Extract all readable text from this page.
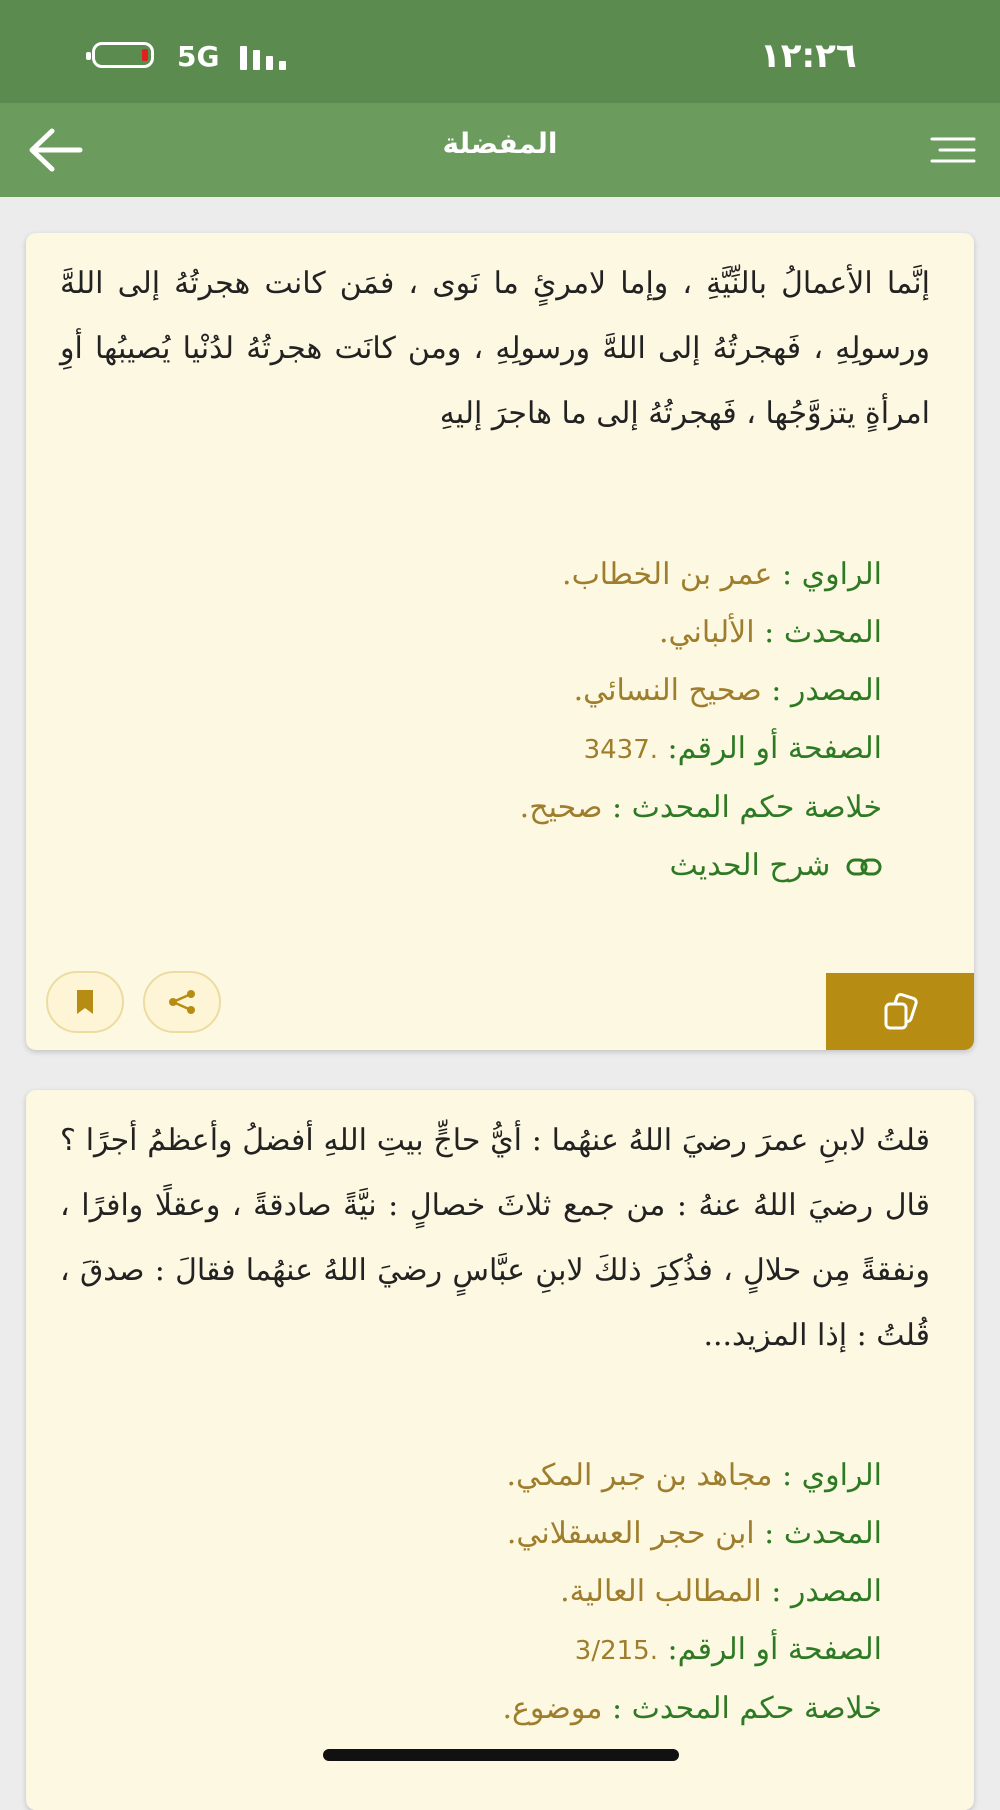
5G	١٢:٢٦
المفضلة
إنَّما الأعمالُ بالنِّيَّةِ ، وإما لامرئٍ ما نَوى ، فمَن كانت هجرتُهُ إلى اللهَّ ورسولِهِ ، فَهجرتُهُ إلى اللهَّ ورسولِهِ ، ومن كانَت هجرتُهُ لدُنْيا يُصيبُها أوِ امرأةٍ يتزوَّجُها ، فَهجرتُهُ إلى ما هاجرَ إليهِ
الراوي : عمر بن الخطاب.
المحدث : الألباني.
المصدر : صحيح النسائي.
الصفحة أو الرقم: 3437.
خلاصة حكم المحدث : صحيح.
شرح الحديث
قلتُ لابنِ عمرَ رضيَ اللهُ عنهُما : أيُّ حاجٍّ بيتِ اللهِ أفضلُ وأعظمُ أجرًا ؟ قال رضيَ اللهُ عنهُ : من جمع ثلاثَ خصالٍ : نيَّةً صادقةً ، وعقلًا وافرًا ، ونفقةً مِن حلالٍ ، فذُكِرَ ذلكَ لابنِ عبَّاسٍ رضيَ اللهُ عنهُما فقالَ : صدقَ ، قُلتُ : إذا المزيد...
الراوي : مجاهد بن جبر المكي.
المحدث : ابن حجر العسقلاني.
المصدر : المطالب العالية.
الصفحة أو الرقم: 3/215.
خلاصة حكم المحدث : موضوع.
